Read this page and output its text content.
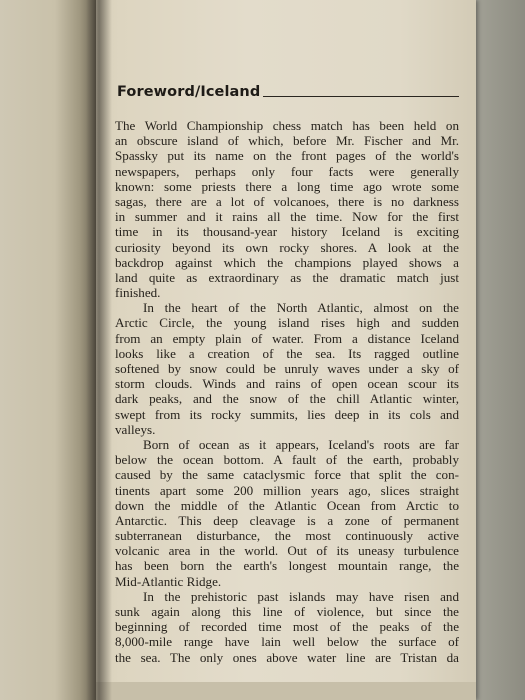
Foreword/Iceland
The World Championship chess match has been held on
an obscure island of which, before Mr. Fischer and Mr.
Spassky put its name on the front pages of the world's
newspapers, perhaps only four facts were generally
known: some priests there a long time ago wrote some
sagas, there are a lot of volcanoes, there is no darkness
in summer and it rains all the time. Now for the first
time in its thousand-year history Iceland is exciting
curiosity beyond its own rocky shores. A look at the
backdrop against which the champions played shows a
land quite as extraordinary as the dramatic match just
finished.
In the heart of the North Atlantic, almost on the
Arctic Circle, the young island rises high and sudden
from an empty plain of water. From a distance Iceland
looks like a creation of the sea. Its ragged outline
softened by snow could be unruly waves under a sky of
storm clouds. Winds and rains of open ocean scour its
dark peaks, and the snow of the chill Atlantic winter,
swept from its rocky summits, lies deep in its cols and
valleys.
Born of ocean as it appears, Iceland's roots are far
below the ocean bottom. A fault of the earth, probably
caused by the same cataclysmic force that split the con-
tinents apart some 200 million years ago, slices straight
down the middle of the Atlantic Ocean from Arctic to
Antarctic. This deep cleavage is a zone of permanent
subterranean disturbance, the most continuously active
volcanic area in the world. Out of its uneasy turbulence
has been born the earth's longest mountain range, the
Mid-Atlantic Ridge.
In the prehistoric past islands may have risen and
sunk again along this line of violence, but since the
beginning of recorded time most of the peaks of the
8,000-mile range have lain well below the surface of
the sea. The only ones above water line are Tristan da
